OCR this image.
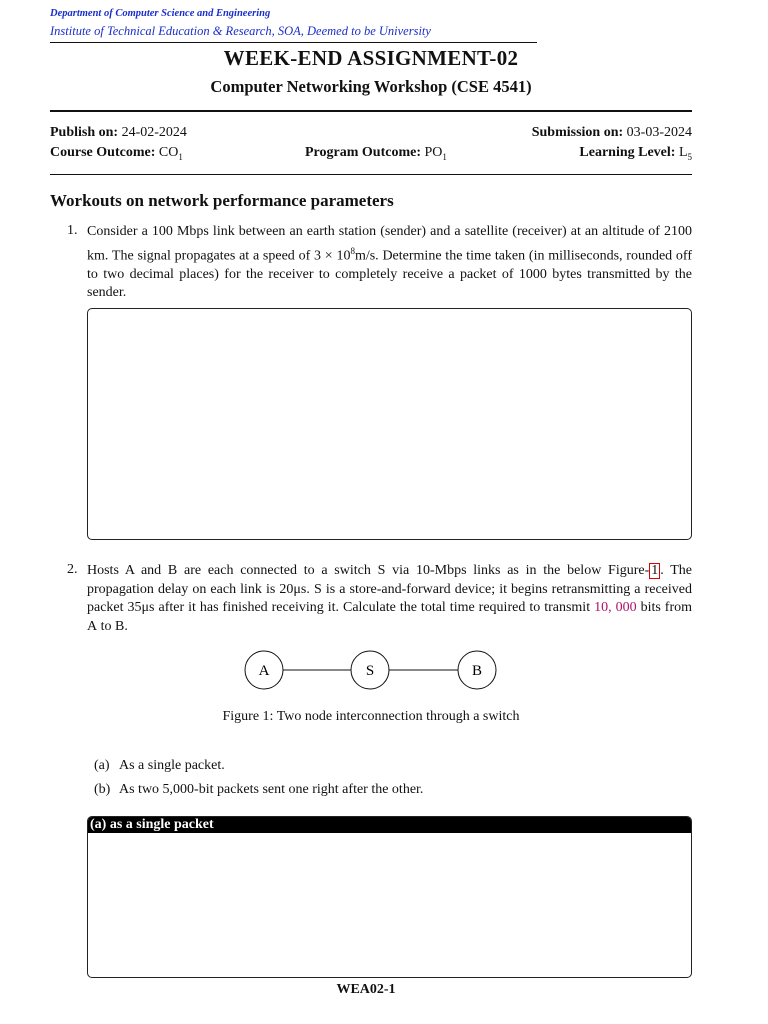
Department of Computer Science and Engineering
Institute of Technical Education & Research, SOA, Deemed to be University
WEEK-END ASSIGNMENT-02
Computer Networking Workshop (CSE 4541)
Publish on: 24-02-2024	Submission on: 03-03-2024
Course Outcome: $CO_1$	Program Outcome: $PO_1$	Learning Level: $L_5$
Workouts on network performance parameters
1. Consider a 100 Mbps link between an earth station (sender) and a satellite (receiver) at an altitude of 2100 km. The signal propagates at a speed of $3 \times 10^8m/s$. Determine the time taken (in milliseconds, rounded off to two decimal places) for the receiver to completely receive a packet of 1000 bytes transmitted by the sender.
2. Hosts A and B are each connected to a switch S via 10-Mbps links as in the below Figure- 1 . The propagation delay on each link is 20μs. S is a store-and-forward device; it begins retransmitting a received packet 35μs after it has finished receiving it. Calculate the total time required to transmit 10, 000 bits from A to B.
A	S	B
Figure 1: Two node interconnection through a switch
(a) As a single packet.
(b) As two 5,000-bit packets sent one right after the other.
(a) as a single packet
WEA02-1
